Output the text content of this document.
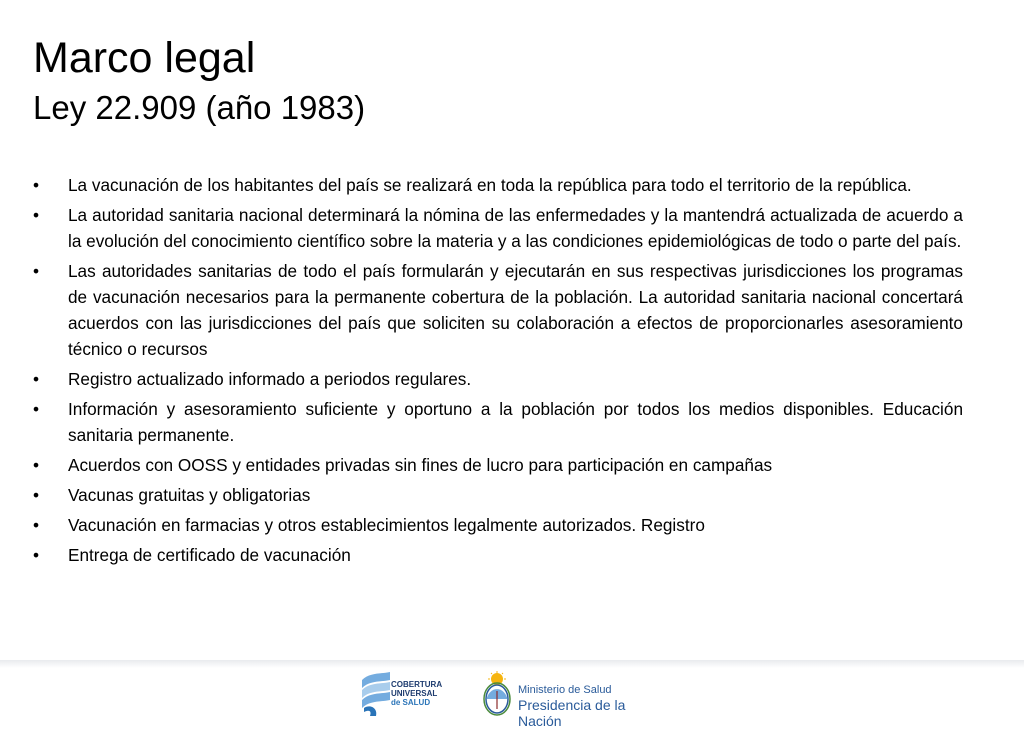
Marco legal
Ley 22.909 (año 1983)
•	La vacunación de los habitantes del país se realizará en toda la república para todo el territorio de la república.
•	La autoridad sanitaria nacional determinará la nómina de las enfermedades y la mantendrá actualizada de acuerdo a la evolución del conocimiento científico sobre la materia y a las condiciones epidemiológicas de todo o parte del país.
•	Las autoridades sanitarias de todo el país formularán y ejecutarán en sus respectivas jurisdicciones los programas de vacunación necesarios para la permanente cobertura de la población. La autoridad sanitaria nacional concertará acuerdos con las jurisdicciones del país que soliciten su colaboración a efectos de proporcionarles asesoramiento técnico o recursos
•	Registro actualizado informado a periodos regulares.
•	Información y asesoramiento suficiente y oportuno a la población por todos los medios disponibles. Educación sanitaria permanente.
•	Acuerdos con OOSS y entidades privadas sin fines de lucro para participación en campañas
•	Vacunas gratuitas y obligatorias
•	Vacunación en farmacias y otros establecimientos legalmente autorizados. Registro
•	Entrega de certificado de vacunación
COBERTURA
UNIVERSAL
de SALUD
Ministerio de Salud
Presidencia de la Nación
